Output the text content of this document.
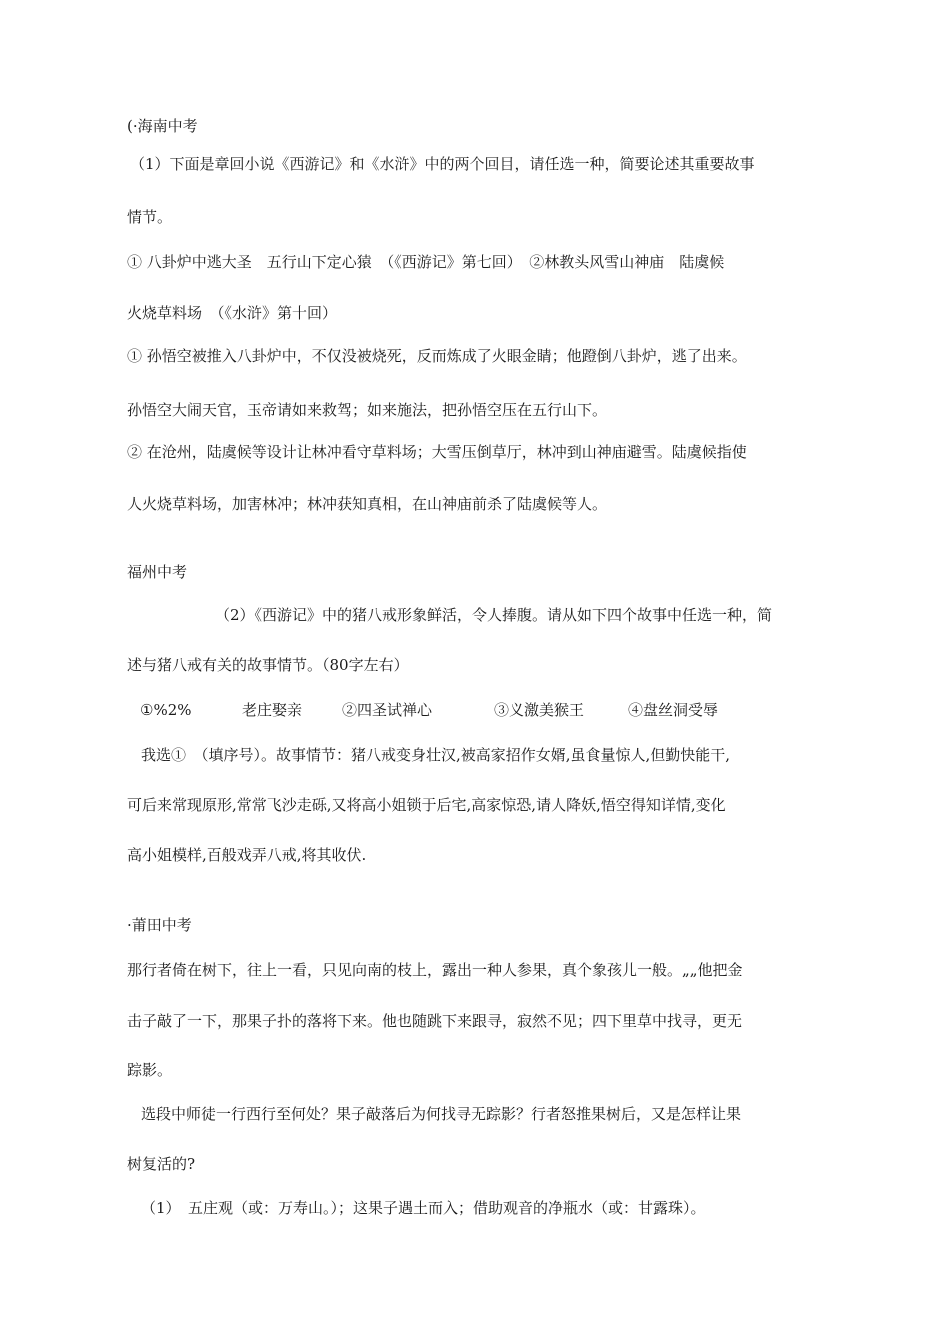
(·海南中考
（1）下面是章回小说《西游记》和《水浒》中的两个回目，请任选一种，简要论述其重要故事
情节。
① 八卦炉中逃大圣　五行山下定心猿　（《西游记》第七回）　②林教头风雪山神庙　陆虞候
火烧草料场　（《水浒》第十回）
① 孙悟空被推入八卦炉中，不仅没被烧死，反而炼成了火眼金睛；他蹬倒八卦炉，逃了出来。
孙悟空大闹天官，玉帝请如来救驾；如来施法，把孙悟空压在五行山下。
② 在沧州，陆虞候等设计让林冲看守草料场；大雪压倒草厅，林冲到山神庙避雪。陆虞候指使
人火烧草料场，加害林冲；林冲获知真相，在山神庙前杀了陆虞候等人。
福州中考
（2）《西游记》中的猪八戒形象鲜活，令人捧腹。请从如下四个故事中任选一种，简
述与猪八戒有关的故事情节。（80字左右）
①%2%	老庄娶亲	②四圣试禅心	③义激美猴王	④盘丝洞受辱
我选①　（填序号）。故事情节：猪八戒变身壮汉,被高家招作女婿,虽食量惊人,但勤快能干,
可后来常现原形,常常飞沙走砾,又将高小姐锁于后宅,高家惊恐,请人降妖,悟空得知详情,变化
高小姐模样,百般戏弄八戒,将其收伏.
·莆田中考
那行者倚在树下，往上一看，只见向南的枝上，露出一种人参果，真个象孩儿一般。„„他把金
击子敲了一下，那果子扑的落将下来。他也随跳下来跟寻，寂然不见；四下里草中找寻，更无
踪影。
选段中师徒一行西行至何处？果子敲落后为何找寻无踪影？行者怒推果树后，又是怎样让果
树复活的?
（1）　五庄观（或：万寿山。）；这果子遇土而入；借助观音的净瓶水（或：甘露珠）。
